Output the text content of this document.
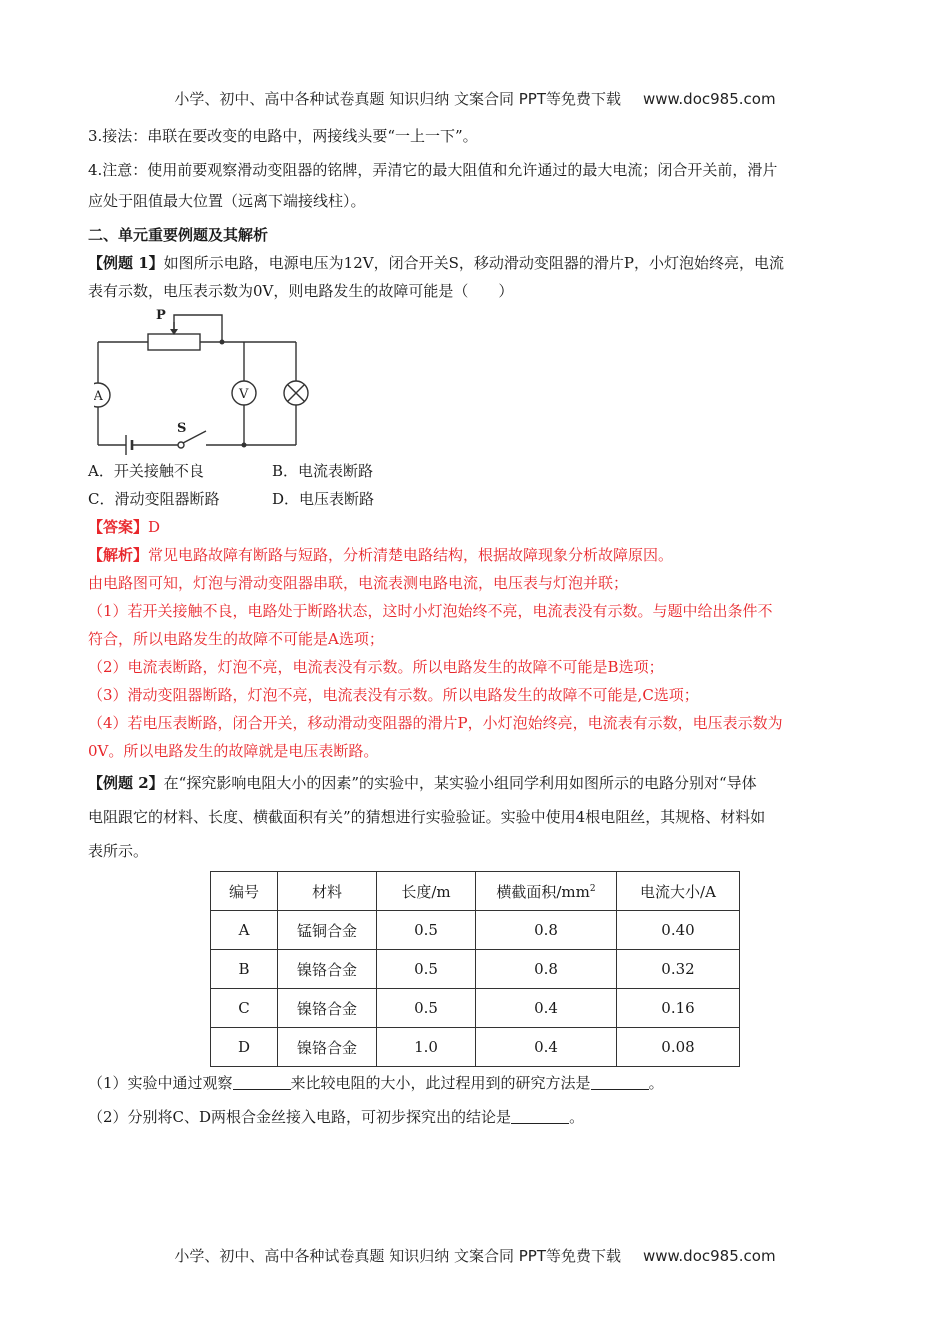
小学、初中、高中各种试卷真题 知识归纳 文案合同 PPT等免费下载 www.doc985.com

3.接法：串联在要改变的电路中，两接线头要“一上一下”。

4.注意：使用前要观察滑动变阻器的铭牌，弄清它的最大阻值和允许通过的最大电流；闭合开关前，滑片

应处于阻值最大位置（远离下端接线柱）。

二、单元重要例题及其解析

【例题 1】如图所示电路，电源电压为12V，闭合开关S，移动滑动变阻器的滑片P，小灯泡始终亮，电流

表有示数，电压表示数为0V，则电路发生的故障可能是（　　）

P
A	V
S
A．开关接触不良	B．电流表断路
C．滑动变阻器断路	D．电压表断路

【答案】D

【解析】常见电路故障有断路与短路，分析清楚电路结构，根据故障现象分析故障原因。

由电路图可知，灯泡与滑动变阻器串联，电流表测电路电流，电压表与灯泡并联；

（1）若开关接触不良，电路处于断路状态，这时小灯泡始终不亮，电流表没有示数。与题中给出条件不

符合，所以电路发生的故障不可能是A选项；

（2）电流表断路，灯泡不亮，电流表没有示数。所以电路发生的故障不可能是B选项；

（3）滑动变阻器断路，灯泡不亮，电流表没有示数。所以电路发生的故障不可能是,C选项；

（4）若电压表断路，闭合开关，移动滑动变阻器的滑片P，小灯泡始终亮，电流表有示数，电压表示数为

0V。所以电路发生的故障就是电压表断路。

【例题 2】在“探究影响电阻大小的因素”的实验中，某实验小组同学利用如图所示的电路分别对“导体

电阻跟它的材料、长度、横截面积有关”的猜想进行实验验证。实验中使用4根电阻丝，其规格、材料如

表所示。

编号	材料	长度/m	横截面积$/mm^2$	电流大小/A
A	锰铜合金	0.5	0.8	0.40
B	镍铬合金	0.5	0.8	0.32
C	镍铬合金	0.5	0.4	0.16
D	镍铬合金	1.0	0.4	0.08

（1）实验中通过观察	来比较电阻的大小，此过程用到的研究方法是	。

（2）分别将C、D两根合金丝接入电路，可初步探究出的结论是	。

小学、初中、高中各种试卷真题 知识归纳 文案合同 PPT等免费下载 www.doc985.com
